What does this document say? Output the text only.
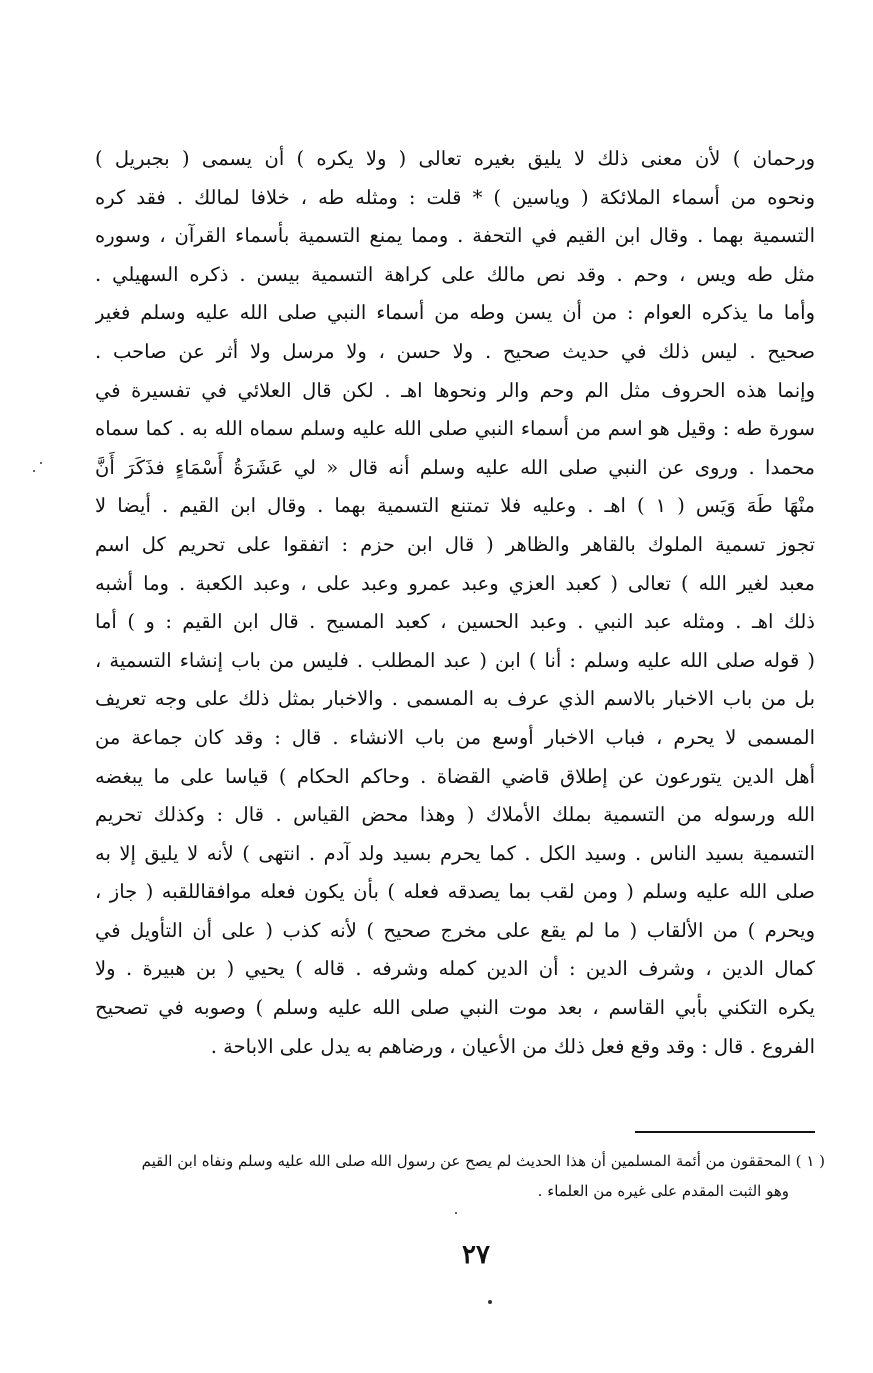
ورحمان ) لأن معنى ذلك لا يليق بغيره تعالى ( ولا يكره ) أن يسمى ( بجبريل )
ونحوه من أسماء الملائكة ( وياسين ) * قلت : ومثله طه ، خلافا لمالك . فقد كره
التسمية بهما . وقال ابن القيم في التحفة . ومما يمنع التسمية بأسماء القرآن ، وسوره
مثل طه ويس ، وحم . وقد نص مالك على كراهة التسمية بيسن . ذكره السهيلي .
وأما ما يذكره العوام : من أن يسن وطه من أسماء النبي صلى الله عليه وسلم فغير
صحيح . ليس ذلك في حديث صحيح . ولا حسن ، ولا مرسل ولا أثر عن صاحب .
وإنما هذه الحروف مثل الم وحم والر ونحوها اهـ . لكن قال العلائي في تفسيرة في
سورة طه : وقيل هو اسم من أسماء النبي صلى الله عليه وسلم سماه الله به . كما سماه
محمدا . وروى عن النبي صلى الله عليه وسلم أنه قال « لي عَشَرَةُ أَسْمَاءٍ فذَكَرَ أَنَّ
منْهَا طَهَ وَيَس ( ١ ) اهـ . وعليه فلا تمتنع التسمية بهما . وقال ابن القيم . أيضا لا
تجوز تسمية الملوك بالقاهر والظاهر ( قال ابن حزم : اتفقوا على تحريم كل اسم
معبد لغير الله ) تعالى ( كعبد العزي وعبد عمرو وعبد على ، وعبد الكعبة . وما أشبه
ذلك اهـ . ومثله عبد النبي . وعبد الحسين ، كعبد المسيح . قال ابن القيم : و ) أما
( قوله صلى الله عليه وسلم : أنا ) ابن ( عبد المطلب . فليس من باب إنشاء التسمية ،
بل من باب الاخبار بالاسم الذي عرف به المسمى . والاخبار بمثل ذلك على وجه تعريف
المسمى لا يحرم ، فباب الاخبار أوسع من باب الانشاء . قال : وقد كان جماعة من
أهل الدين يتورعون عن إطلاق قاضي القضاة . وحاكم الحكام ) قياسا على ما يبغضه
الله ورسوله من التسمية بملك الأملاك ( وهذا محض القياس . قال : وكذلك تحريم
التسمية بسيد الناس . وسيد الكل . كما يحرم بسيد ولد آدم . انتهى ) لأنه لا يليق إلا به
صلى الله عليه وسلم ( ومن لقب بما يصدقه فعله ) بأن يكون فعله موافقاللقبه ( جاز ،
ويحرم ) من الألقاب ( ما لم يقع على مخرج صحيح ) لأنه كذب ( على أن التأويل في
كمال الدين ، وشرف الدين : أن الدين كمله وشرفه . قاله ) يحيي ( بن هبيرة . ولا
يكره التكني بأبي القاسم ، بعد موت النبي صلى الله عليه وسلم ) وصوبه في تصحيح
الفروع . قال : وقد وقع فعل ذلك من الأعيان ، ورضاهم به يدل على الاباحة .
( ١ ) المحققون من أئمة المسلمين أن هذا الحديث لم يصح عن رسول الله صلى الله عليه وسلم ونفاه ابن القيم
وهو الثبت المقدم على غيره من العلماء .
٢٧
